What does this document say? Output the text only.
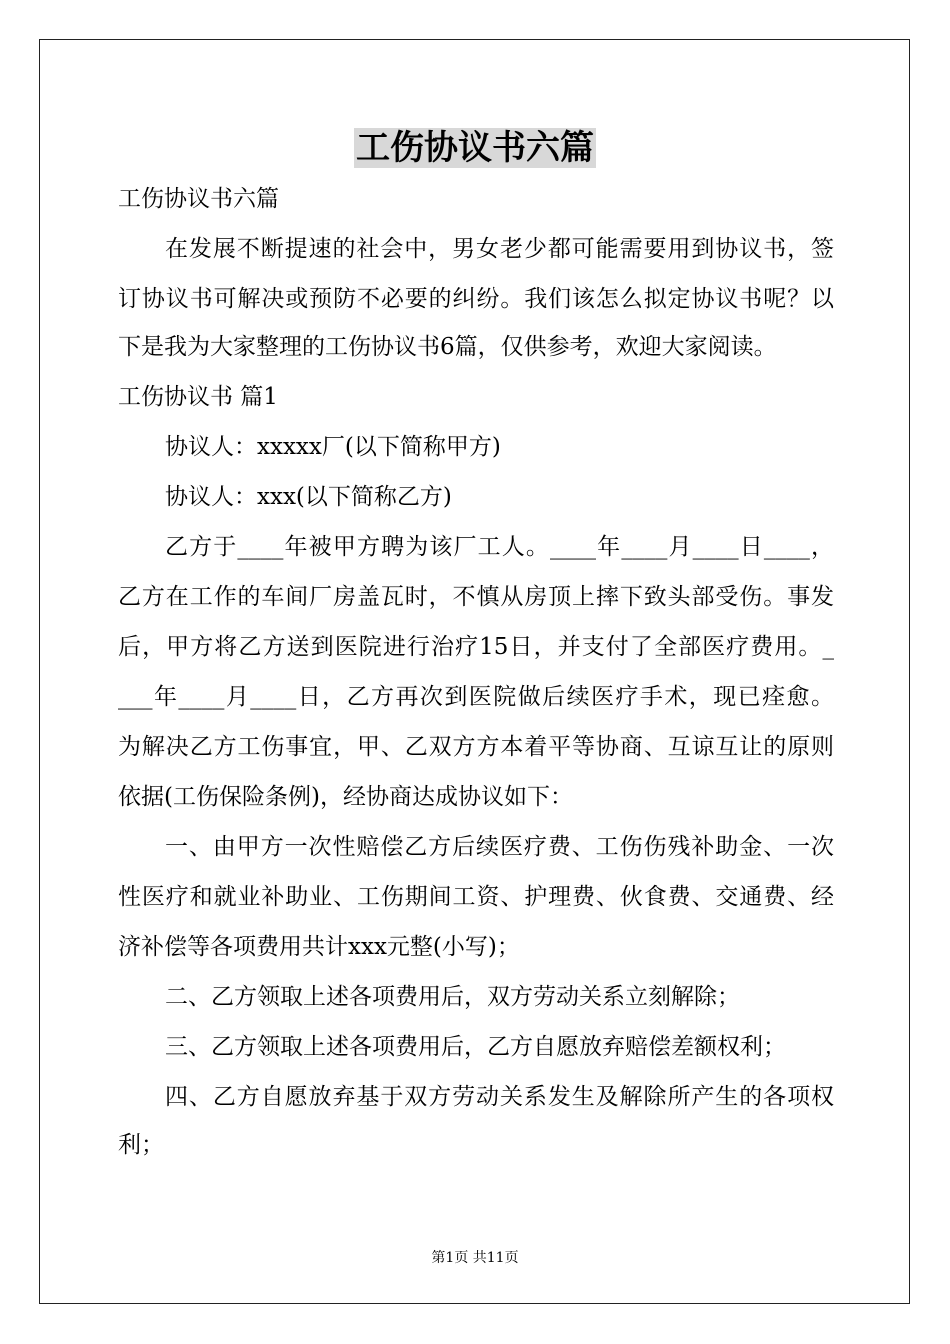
工伤协议书六篇
工伤协议书六篇
在发展不断提速的社会中，男女老少都可能需要用到协议书，签
订协议书可解决或预防不必要的纠纷。我们该怎么拟定协议书呢？以
下是我为大家整理的工伤协议书6篇，仅供参考，欢迎大家阅读。
工伤协议书 篇1
协议人：xxxxx厂(以下简称甲方)
协议人：xxx(以下简称乙方)
乙方于____年被甲方聘为该厂工人。____年____月____日____，
乙方在工作的车间厂房盖瓦时，不慎从房顶上摔下致头部受伤。事发
后，甲方将乙方送到医院进行治疗15日，并支付了全部医疗费用。_
___年____月____日，乙方再次到医院做后续医疗手术，现已痊愈。
为解决乙方工伤事宜，甲、乙双方方本着平等协商、互谅互让的原则
依据(工伤保险条例)，经协商达成协议如下：
一、由甲方一次性赔偿乙方后续医疗费、工伤伤残补助金、一次
性医疗和就业补助业、工伤期间工资、护理费、伙食费、交通费、经
济补偿等各项费用共计xxx元整(小写)；
二、乙方领取上述各项费用后，双方劳动关系立刻解除；
三、乙方领取上述各项费用后，乙方自愿放弃赔偿差额权利；
四、乙方自愿放弃基于双方劳动关系发生及解除所产生的各项权
利；
第1页 共11页
